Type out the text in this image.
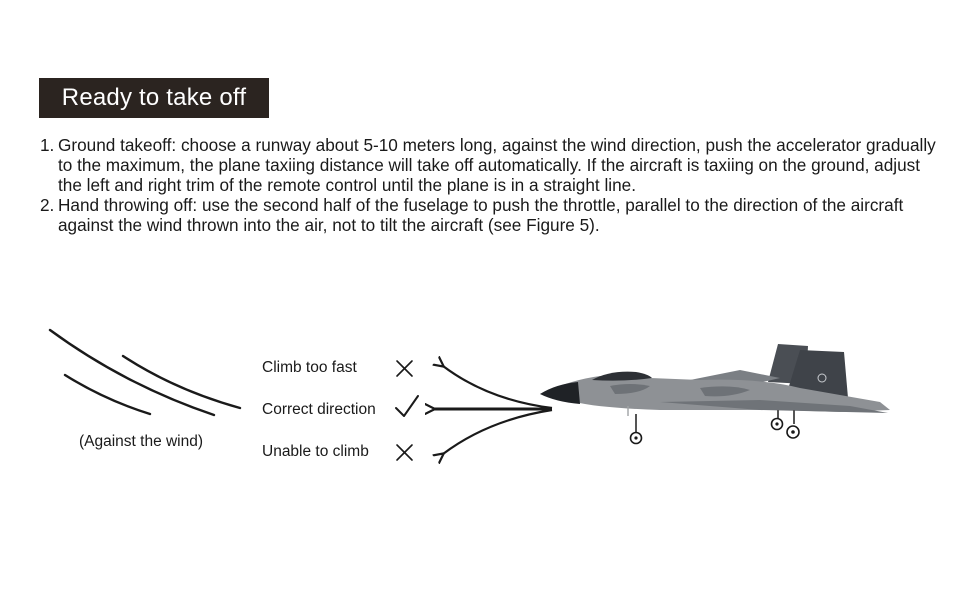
Ready to take off
1. Ground takeoff: choose a runway about 5-10 meters long, against the wind direction, push the accelerator gradually to the maximum, the plane taxiing distance will take off automatically. If the aircraft is taxiing on the ground, adjust the left and right trim of the remote control until the plane is in a straight line.
2. Hand throwing off: use the second half of the fuselage to push the throttle, parallel to the direction of the aircraft against the wind thrown into the air, not to tilt the aircraft (see Figure 5).
(Against the wind)
Climb too fast
Correct direction
Unable to climb
